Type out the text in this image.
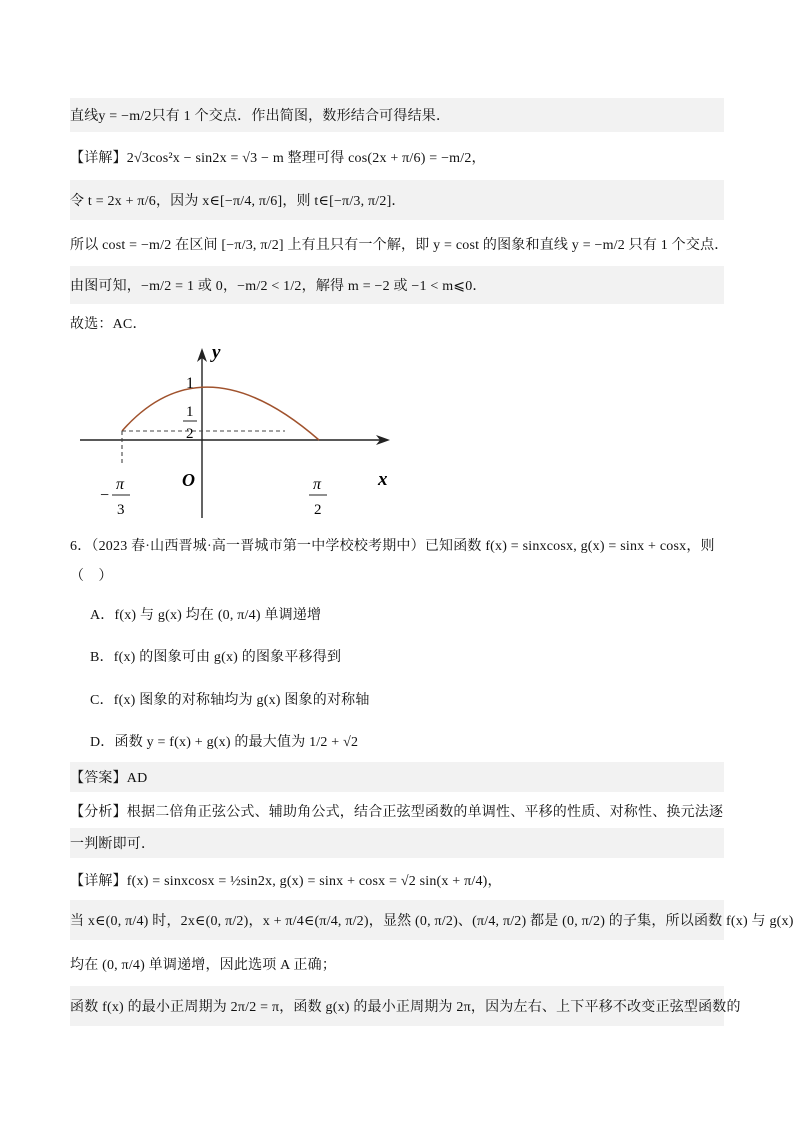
直线y = −m/2只有 1 个交点．作出简图，数形结合可得结果．
【详解】2√3cos²x − sin2x = √3 − m 整理可得 cos(2x + π/6) = −m/2，
令 t = 2x + π/6，因为 x∈[−π/4, π/6]，则 t∈[−π/3, π/2]．
所以 cost = −m/2 在区间 [−π/3, π/2] 上有且只有一个解，即 y = cost 的图象和直线 y = −m/2 只有 1 个交点．
由图可知，−m/2 = 1 或 0，−m/2 < 1/2，解得 m = −2 或 −1 < m⩽0．
故选：AC．
y
x
O
1
1
2
−
π
3
π
2
6．（2023 春·山西晋城·高一晋城市第一中学校校考期中）已知函数 f(x) = sinxcosx, g(x) = sinx + cosx，则
（　）
A．f(x) 与 g(x) 均在 (0, π/4) 单调递增
B．f(x) 的图象可由 g(x) 的图象平移得到
C．f(x) 图象的对称轴均为 g(x) 图象的对称轴
D．函数 y = f(x) + g(x) 的最大值为 1/2 + √2
【答案】AD
【分析】根据二倍角正弦公式、辅助角公式，结合正弦型函数的单调性、平移的性质、对称性、换元法逐
一判断即可．
【详解】f(x) = sinxcosx = ½sin2x, g(x) = sinx + cosx = √2 sin(x + π/4)，
当 x∈(0, π/4) 时，2x∈(0, π/2)，x + π/4∈(π/4, π/2)，显然 (0, π/2)、(π/4, π/2) 都是 (0, π/2) 的子集，所以函数 f(x) 与 g(x)
均在 (0, π/4) 单调递增，因此选项 A 正确；
函数 f(x) 的最小正周期为 2π/2 = π，函数 g(x) 的最小正周期为 2π，因为左右、上下平移不改变正弦型函数的
